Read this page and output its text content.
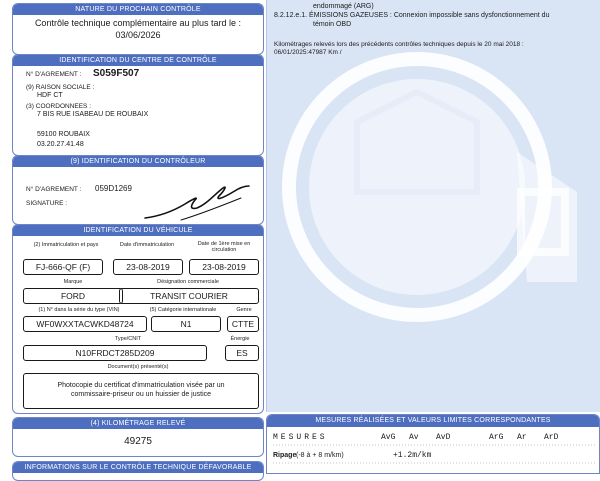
NATURE DU PROCHAIN CONTRÔLE
Contrôle technique complémentaire au plus tard le :
03/06/2026
IDENTIFICATION DU CENTRE DE CONTRÔLE
N° D'AGREMENT : S059F507
(9) RAISON SOCIALE :
HDF CT
(3) COORDONNEES :
7 BIS RUE ISABEAU DE ROUBAIX
59100 ROUBAIX
03.20.27.41.48
(9) IDENTIFICATION DU CONTRÔLEUR
N° D'AGREMENT : 059D1269
SIGNATURE :
IDENTIFICATION DU VÉHICULE
(2) Immatriculation et pays	Date d'immatriculation	Date de 1ère mise en circulation
FJ-666-QF (F)	23-08-2019	23-08-2019
Marque	Désignation commerciale
FORD	TRANSIT COURIER
(1) N° dans la série du type (VIN)	(5) Catégorie internationale	Genre
WF0WXXTACWKD48724	N1	CTTE
Type/CNIT	Énergie
N10FRDCT285D209	ES
Document(s) présenté(s)
Photocopie du certificat d'immatriculation visée par un commissaire-priseur ou un huissier de justice
(4) KILOMÉTRAGE RELEVÉ
49275
INFORMATIONS SUR LE CONTRÔLE TECHNIQUE DÉFAVORABLE
endommagé (ARG)
8.2.12.e.1. ÉMISSIONS GAZEUSES : Connexion impossible sans dysfonctionnement du
témoin OBD
Kilométrages relevés lors des précédents contrôles techniques depuis le 20 mai 2018 :
06/01/2025:47987 Km /
MESURES RÉALISÉES ET VALEURS LIMITES CORRESPONDANTES
MESURES	AvG Av AvD	ArG Ar ArD
Ripage (-8 à + 8 m/km)	+1.2m/km
